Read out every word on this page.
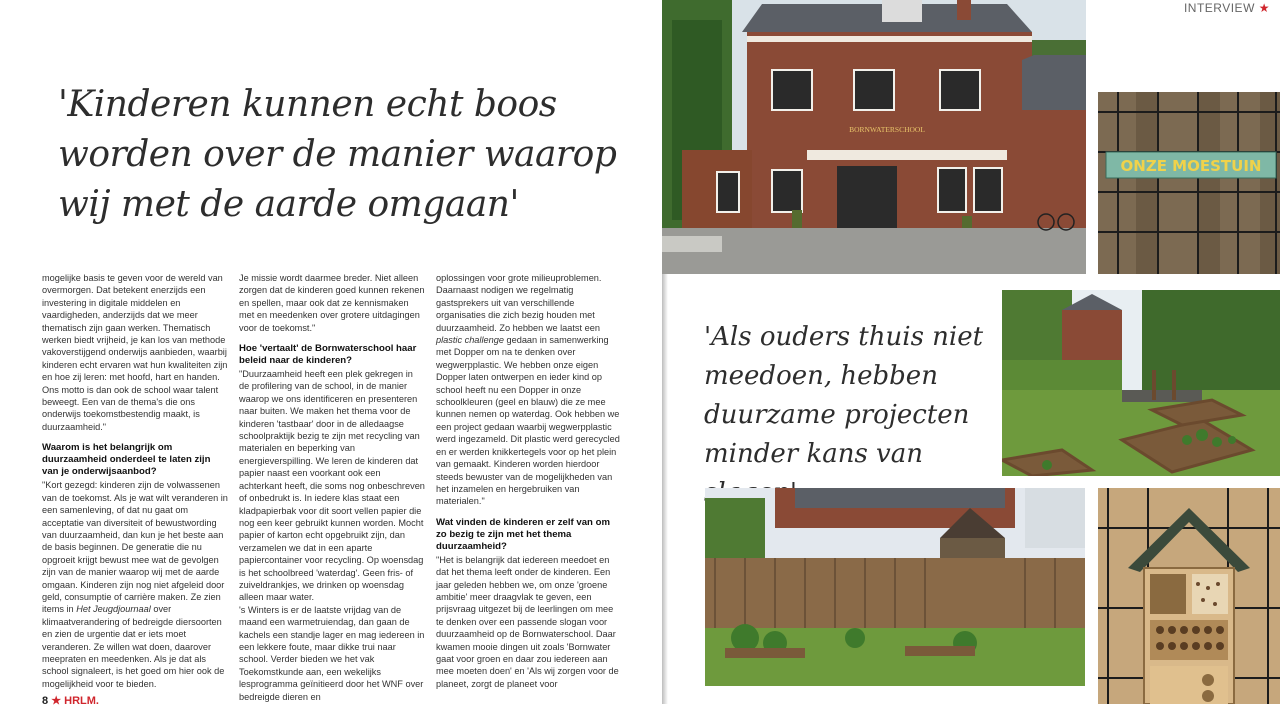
'Kinderen kunnen echt boos worden over de manier waarop wij met de aarde omgaan'

mogelijke basis te geven voor de wereld van overmorgen. Dat betekent enerzijds een investering in digitale middelen en vaardigheden, anderzijds dat we meer thematisch zijn gaan werken. Thematisch werken biedt vrijheid, je kan los van methode vakoverstijgend onderwijs aanbieden, waarbij kinderen echt ervaren wat hun kwaliteiten zijn en hoe zij leren: met hoofd, hart en handen. Ons motto is dan ook de school waar talent beweegt. Een van de thema's die ons onderwijs toekomstbestendig maakt, is duurzaamheid."

Waarom is het belangrijk om duurzaamheid onderdeel te laten zijn van je onderwijsaanbod?

"Kort gezegd: kinderen zijn de volwassenen van de toekomst. Als je wat wilt veranderen in een samenleving, of dat nu gaat om acceptatie van diversiteit of bewustwording van duurzaamheid, dan kun je het beste aan de basis beginnen. De generatie die nu opgroeit krijgt bewust mee wat de gevolgen zijn van de manier waarop wij met de aarde omgaan. Kinderen zijn nog niet afgeleid door geld, consumptie of carrière maken. Ze zien items in Het Jeugdjournaal over klimaatverandering of bedreigde diersoorten en zien de urgentie dat er iets moet veranderen. Ze willen wat doen, daarover meepraten en meedenken. Als je dat als school signaleert, is het goed om hier ook de mogelijkheid voor te bieden.

Je missie wordt daarmee breder. Niet alleen zorgen dat de kinderen goed kunnen rekenen en spellen, maar ook dat ze kennismaken met en meedenken over grotere uitdagingen voor de toekomst."

Hoe 'vertaalt' de Bornwaterschool haar beleid naar de kinderen?

"Duurzaamheid heeft een plek gekregen in de profilering van de school, in de manier waarop we ons identificeren en presenteren naar buiten. We maken het thema voor de kinderen 'tastbaar' door in de alledaagse schoolpraktijk bezig te zijn met recycling van materialen en beperking van energieverspilling. We leren de kinderen dat papier naast een voorkant ook een achterkant heeft, die soms nog onbeschreven of onbedrukt is. In iedere klas staat een kladpapierbak voor dit soort vellen papier die nog een keer gebruikt kunnen worden. Mocht papier of karton echt opgebruikt zijn, dan verzamelen we dat in een aparte papiercontainer voor recycling. Op woensdag is het schoolbreed 'waterdag'. Geen fris- of zuiveldrankjes, we drinken op woensdag alleen maar water.

's Winters is er de laatste vrijdag van de maand een warmetruiendag, dan gaan de kachels een standje lager en mag iedereen in een lekkere foute, maar dikke trui naar school. Verder bieden we het vak Toekomstkunde aan, een wekelijks lesprogramma geïnitieerd door het WNF over bedreigde dieren en

oplossingen voor grote milieuproblemen. Daarnaast nodigen we regelmatig gastsprekers uit van verschillende organisaties die zich bezig houden met duurzaamheid. Zo hebben we laatst een plastic challenge gedaan in samenwerking met Dopper om na te denken over wegwerpplastic. We hebben onze eigen Dopper laten ontwerpen en ieder kind op school heeft nu een Dopper in onze schoolkleuren (geel en blauw) die ze mee kunnen nemen op waterdag. Ook hebben we een project gedaan waarbij wegwerpplastic werd ingezameld. Dit plastic werd gerecycled en er werden knikkertegels voor op het plein van gemaakt. Kinderen worden hierdoor steeds bewuster van de mogelijkheden van het inzamelen en hergebruiken van materialen."

Wat vinden de kinderen er zelf van om zo bezig te zijn met het thema duurzaamheid?

"Het is belangrijk dat iedereen meedoet en dat het thema leeft onder de kinderen. Een jaar geleden hebben we, om onze 'groene ambitie' meer draagvlak te geven, een prijsvraag uitgezet bij de leerlingen om mee te denken over een passende slogan voor duurzaamheid op de Bornwaterschool. Daar kwamen mooie dingen uit zoals 'Bornwater gaat voor groen en daar zou iedereen aan mee moeten doen' en 'Als wij zorgen voor de planeet, zorgt de planeet voor

8 ★ HRLM.
INTERVIEW ★
BORNWATERSCHOOL
ONZE MOESTUIN
'Als ouders thuis niet meedoen, hebben duurzame projecten minder kans van
